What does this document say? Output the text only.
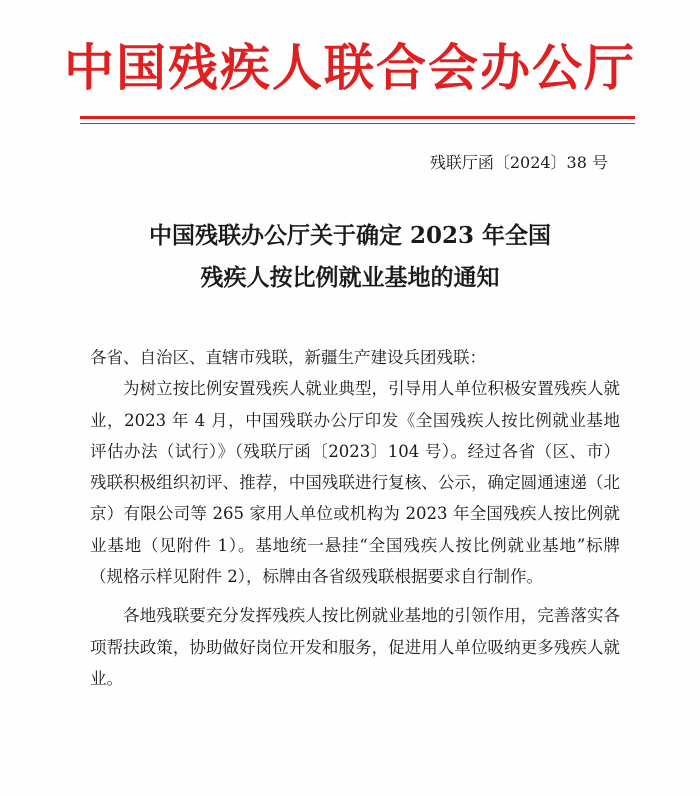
中国残疾人联合会办公厅
残联厅函〔2024〕38 号
中国残联办公厅关于确定 2023 年全国
残疾人按比例就业基地的通知

各省、自治区、直辖市残联，新疆生产建设兵团残联：

为树立按比例安置残疾人就业典型，引导用人单位积极安置残疾人就业，2023 年 4 月，中国残联办公厅印发《全国残疾人按比例就业基地评估办法（试行）》（残联厅函〔2023〕104 号）。经过各省（区、市）残联积极组织初评、推荐，中国残联进行复核、公示，确定圆通速递（北京）有限公司等 265 家用人单位或机构为 2023 年全国残疾人按比例就业基地（见附件 1）。基地统一悬挂“全国残疾人按比例就业基地”标牌（规格示样见附件 2），标牌由各省级残联根据要求自行制作。

各地残联要充分发挥残疾人按比例就业基地的引领作用，完善落实各项帮扶政策，协助做好岗位开发和服务，促进用人单位吸纳更多残疾人就业。
